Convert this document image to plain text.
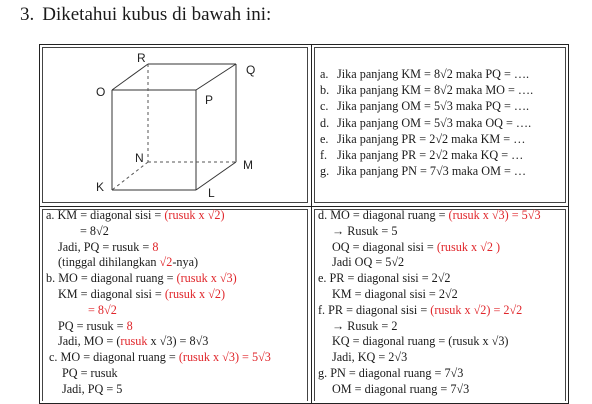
3. Diketahui kubus di bawah ini:
R
Q
O
P
N	M
K	L
a. Jika panjang KM = 8√2 maka PQ = ….
b. Jika panjang KM = 8√2 maka MO = ….
c. Jika panjang OM = 5√3 maka PQ = ….
d. Jika panjang OM = 5√3 maka OQ = ….
e. Jika panjang PR = 2√2 maka KM = …
f. Jika panjang PR = 2√2 maka KQ = …
g. Jika panjang PN = 7√3 maka OM = …
a. KM = diagonal sisi = (rusuk x √2)
= 8√2
Jadi, PQ = rusuk = 8
(tinggal dihilangkan √2-nya)
b. MO = diagonal ruang = (rusuk x √3)
KM = diagonal sisi = (rusuk x √2)
= 8√2
PQ = rusuk = 8
Jadi, MO = (rusuk x √3) = 8√3
c. MO = diagonal ruang = (rusuk x √3) = 5√3
PQ = rusuk
Jadi, PQ = 5
d. MO = diagonal ruang = (rusuk x √3) = 5√3
→ Rusuk = 5
OQ = diagonal sisi = (rusuk x √2 )
Jadi OQ = 5√2
e. PR = diagonal sisi = 2√2
KM = diagonal sisi = 2√2
f. PR = diagonal sisi = (rusuk x √2) = 2√2
→ Rusuk = 2
KQ = diagonal ruang = (rusuk x √3)
Jadi, KQ = 2√3
g. PN = diagonal ruang = 7√3
OM = diagonal ruang = 7√3
